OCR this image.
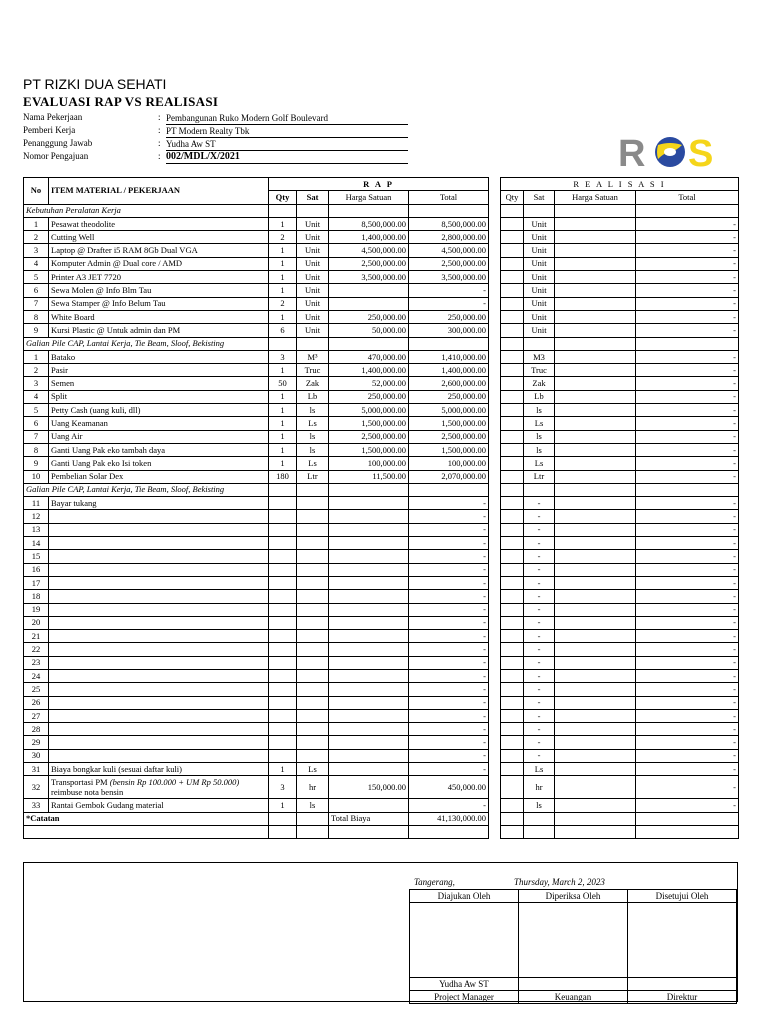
PT RIZKI DUA SEHATI
EVALUASI RAP VS REALISASI
Nama Pekerjaan	: Pembangunan Ruko Modern Golf Boulevard
Pemberi Kerja	: PT Modern Realty Tbk
Penanggung Jawab	: Yudha Aw ST
Nomor Pengajuan	: 002/MDL/X/2021	R S
No	ITEM MATERIAL / PEKERJAAN	R A P					R E A L I S A S I			
		Qty	Sat	Harga Satuan	Total		Qty	Sat	Harga Satuan	Total
Kebutuhan Peralatan Kerja										
1	Pesawat theodolite	1	Unit	8,500,000.00	8,500,000.00			Unit		-
2	Cutting Well	2	Unit	1,400,000.00	2,800,000.00			Unit		-
3	Laptop @ Drafter i5 RAM 8Gb Dual VGA	1	Unit	4,500,000.00	4,500,000.00			Unit		-
4	Komputer Admin @ Dual core / AMD	1	Unit	2,500,000.00	2,500,000.00			Unit		-
5	Printer A3 JET 7720	1	Unit	3,500,000.00	3,500,000.00			Unit		-
6	Sewa Molen @ Info Blm Tau	1	Unit		-			Unit		-
7	Sewa Stamper @ Info Belum Tau	2	Unit		-			Unit		-
8	White Board	1	Unit	250,000.00	250,000.00			Unit		-
9	Kursi Plastic @ Untuk admin dan PM	6	Unit	50,000.00	300,000.00			Unit		-
Galian Pile CAP, Lantai Kerja, Tie Beam, Sloof, Bekisting										
1	Batako	3	M³	470,000.00	1,410,000.00			M3		-
2	Pasir	1	Truc	1,400,000.00	1,400,000.00			Truc		-
3	Semen	50	Zak	52,000.00	2,600,000.00			Zak		-
4	Split	1	Lb	250,000.00	250,000.00			Lb		-
5	Petty Cash (uang kuli, dll)	1	ls	5,000,000.00	5,000,000.00			ls		-
6	Uang Keamanan	1	Ls	1,500,000.00	1,500,000.00			Ls		-
7	Uang Air	1	ls	2,500,000.00	2,500,000.00			ls		-
8	Ganti Uang Pak eko tambah daya	1	ls	1,500,000.00	1,500,000.00			ls		-
9	Ganti Uang Pak eko Isi token	1	Ls	100,000.00	100,000.00			Ls		-
10	Pembelian Solar Dex	180	Ltr	11,500.00	2,070,000.00			Ltr		-
Galian Pile CAP, Lantai Kerja, Tie Beam, Sloof, Bekisting										
11	Bayar tukang				-			-		-
12					-			-		-
13					-			-		-
14					-			-		-
15					-			-		-
16					-			-		-
17					-			-		-
18					-			-		-
19					-			-		-
20					-			-		-
21					-			-		-
22					-			-		-
23					-			-		-
24					-			-		-
25					-			-		-
26					-			-		-
27					-			-		-
28					-			-		-
29					-			-		-
30					-			-		-
31	Biaya bongkar kuli (sesuai daftar kuli)	1	Ls		-			Ls		-
32	Transportasi PM (bensin Rp 100.000 + UM Rp 50.000) reimbuse nota bensin	3	hr	150,000.00	450,000.00			hr		-
33	Rantai Gembok Gudang material	1	ls		-			ls		-
*Catatan				Total Biaya	41,130,000.00					

Tangerang,	Thursday, March 2, 2023
Diajukan Oleh	Diperiksa Oleh	Disetujui Oleh

Yudha Aw ST		
Project Manager	Keuangan	Direktur
